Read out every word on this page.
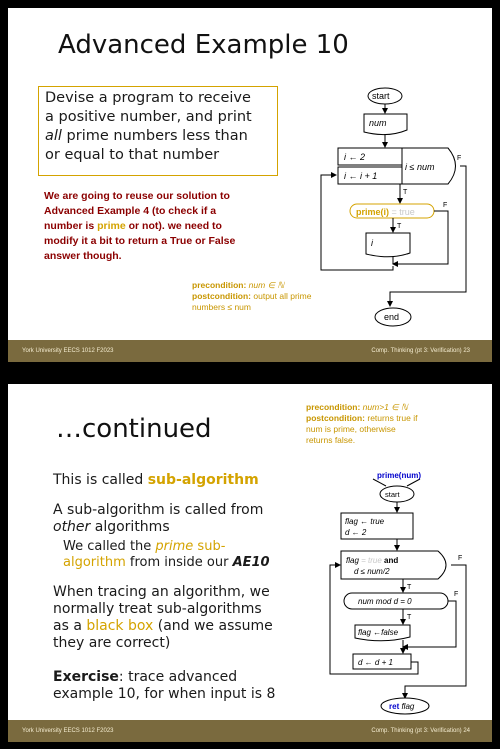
Advanced Example 10
Devise a program to receive
a positive number, and print
all prime numbers less than
or equal to that number
We are going to reuse our solution to
Advanced Example 4 (to check if a
number is prime or not). we need to
modify it a bit to return a True or False
answer though.
precondition: num ∈ ℕ
postcondition: output all prime
numbers ≤ num
start
num
i ← 2
i ← i + 1
i ≤ num
F
T
prime(i) = true
F
T
i
end
York University EECS 1012 F2023	Comp. Thinking (pt 3: Verification) 23
…continued
precondition: num>1 ∈ ℕ
postcondition: returns true if
num is prime, otherwise
returns false.
This is called sub-algorithm
A sub-algorithm is called from
other algorithms
We called the prime sub-
algorithm from inside our AE10
When tracing an algorithm, we
normally treat sub-algorithms
as a black box (and we assume
they are correct)
Exercise: trace advanced
example 10, for when input is 8
prime(num)
start
flag ← true
d ← 2
flag = true and
d ≤ num/2
F
T
num mod d = 0
F
T
flag ←false
d ← d + 1
ret flag
York University EECS 1012 F2023	Comp. Thinking (pt 3: Verification) 24
